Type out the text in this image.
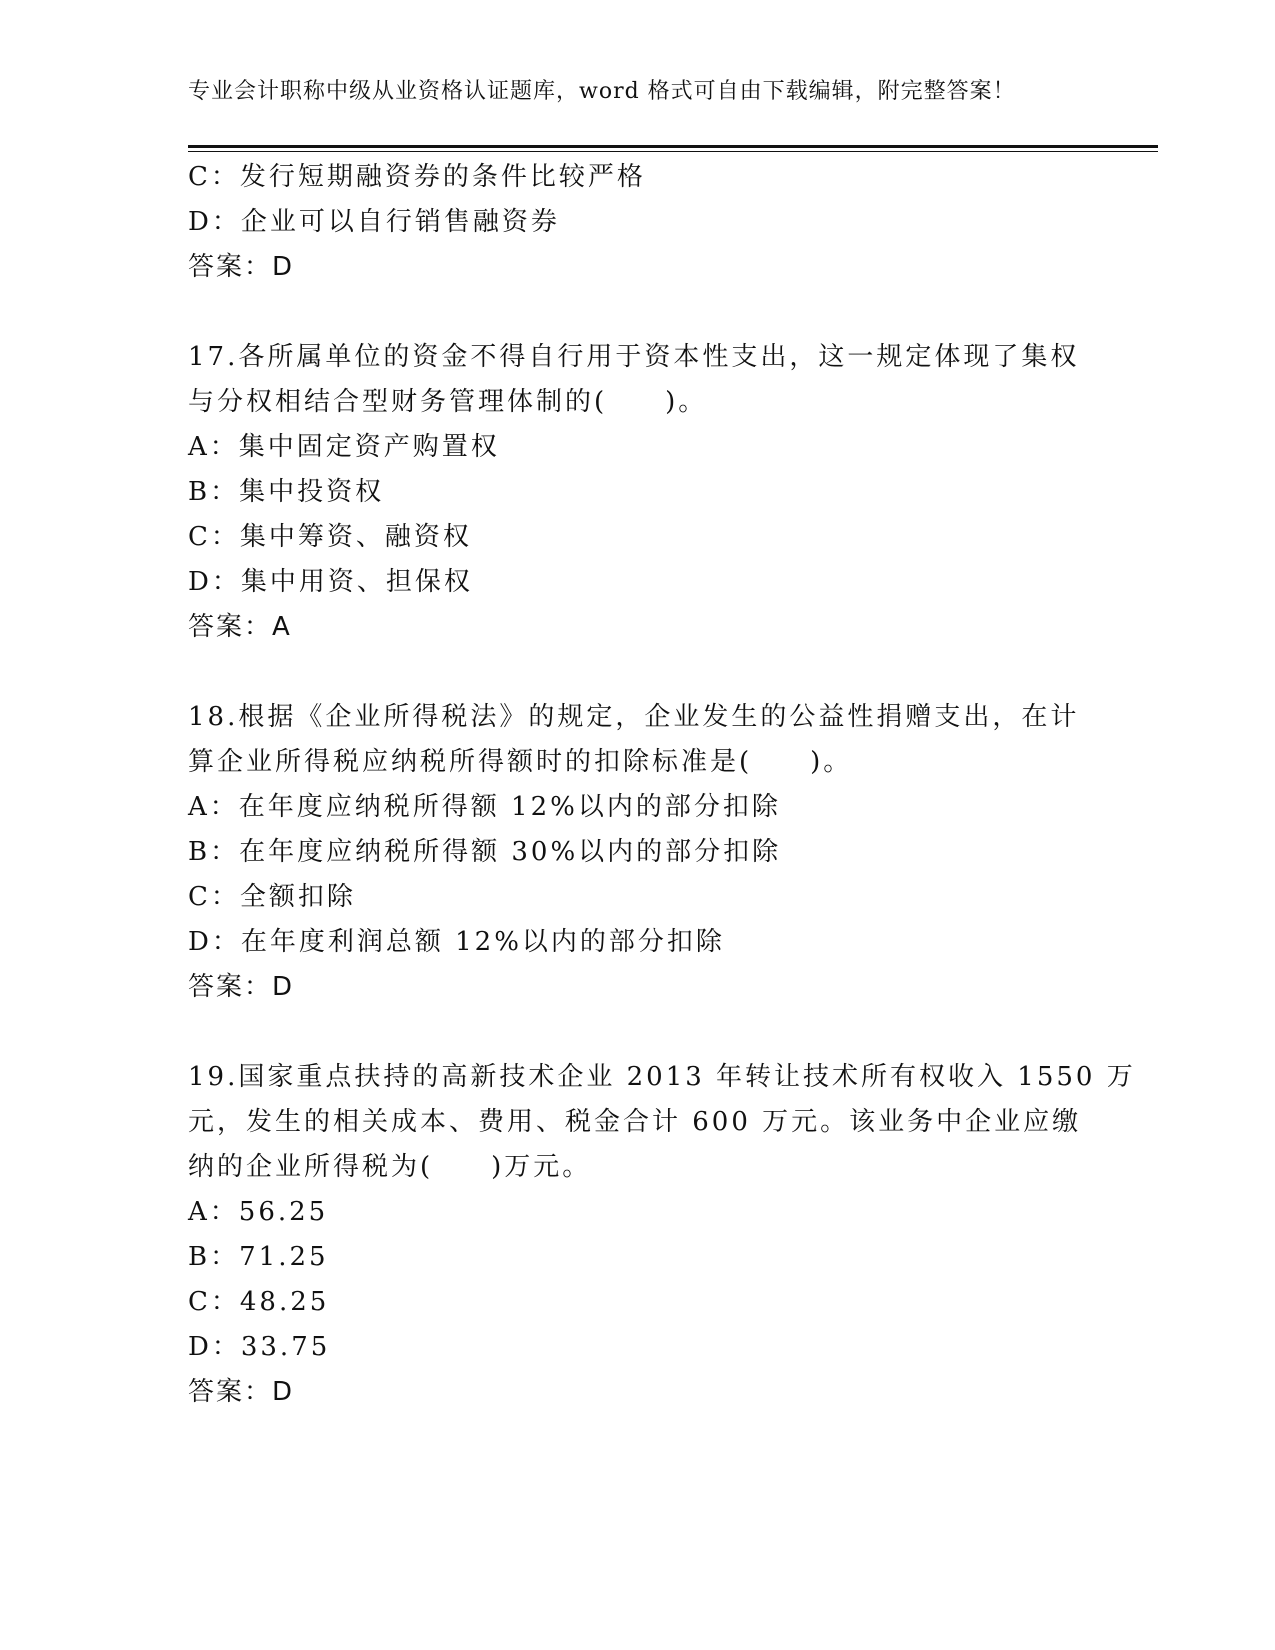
专业会计职称中级从业资格认证题库，word 格式可自由下载编辑，附完整答案！
C：发行短期融资券的条件比较严格
D：企业可以自行销售融资券
答案：D
17.各所属单位的资金不得自行用于资本性支出，这一规定体现了集权
与分权相结合型财务管理体制的(　　)。
A：集中固定资产购置权
B：集中投资权
C：集中筹资、融资权
D：集中用资、担保权
答案：A
18.根据《企业所得税法》的规定，企业发生的公益性捐赠支出，在计
算企业所得税应纳税所得额时的扣除标准是(　　)。
A：在年度应纳税所得额 12%以内的部分扣除
B：在年度应纳税所得额 30%以内的部分扣除
C：全额扣除
D：在年度利润总额 12%以内的部分扣除
答案：D
19.国家重点扶持的高新技术企业 2013 年转让技术所有权收入 1550 万
元，发生的相关成本、费用、税金合计 600 万元。该业务中企业应缴
纳的企业所得税为(　　)万元。
A：56.25
B：71.25
C：48.25
D：33.75
答案：D
